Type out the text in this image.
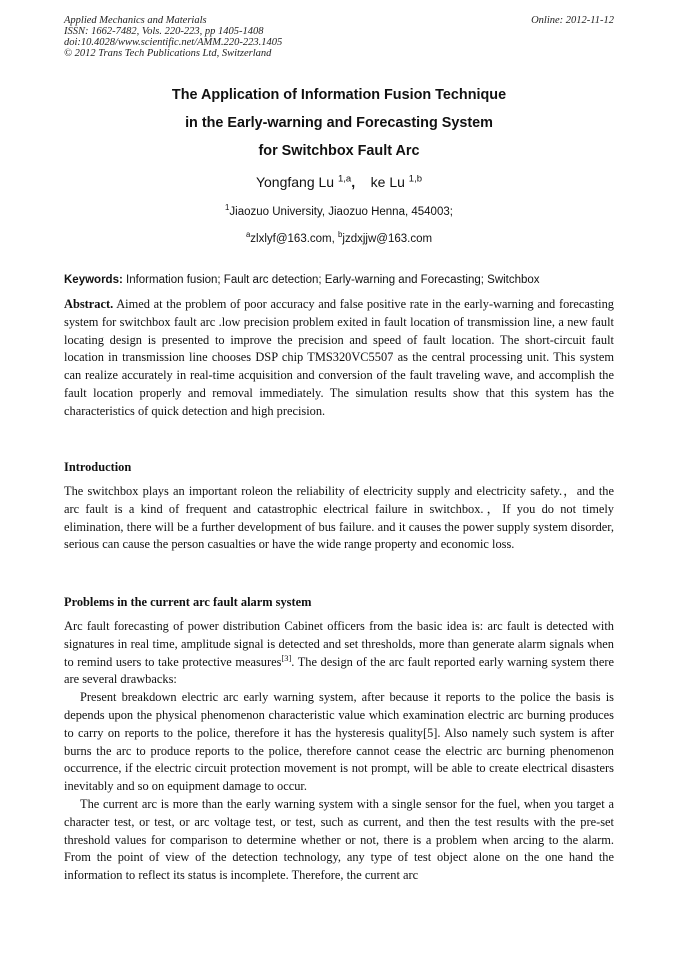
Applied Mechanics and Materials
ISSN: 1662-7482, Vols. 220-223, pp 1405-1408
doi:10.4028/www.scientific.net/AMM.220-223.1405
© 2012 Trans Tech Publications Ltd, Switzerland
Online: 2012-11-12
The Application of Information Fusion Technique
in the Early-warning and Forecasting System
for Switchbox Fault Arc
Yongfang Lu $^{1,a}$, ke Lu $^{1,b}$
$^1$Jiaozuo University, Jiaozuo Henna, 454003;
$^a$zlxlyf@163.com, $^b$jzdxjjw@163.com
Keywords: Information fusion; Fault arc detection; Early-warning and Forecasting; Switchbox
Abstract. Aimed at the problem of poor accuracy and false positive rate in the early-warning and forecasting system for switchbox fault arc .low precision problem exited in fault location of transmission line, a new fault locating design is presented to improve the precision and speed of fault location. The short-circuit fault location in transmission line chooses DSP chip TMS320VC5507 as the central processing unit. This system can realize accurately in real-time acquisition and conversion of the fault traveling wave, and accomplish the fault location properly and removal immediately. The simulation results show that this system has the characteristics of quick detection and high precision.
Introduction
The switchbox plays an important roleon the reliability of electricity supply and electricity safety.，and the arc fault is a kind of frequent and catastrophic electrical failure in switchbox.，If you do not timely elimination, there will be a further development of bus failure. and it causes the power supply system disorder, serious can cause the person casualties or have the wide range property and economic loss.
Problems in the current arc fault alarm system

Arc fault forecasting of power distribution Cabinet officers from the basic idea is: arc fault is detected with signatures in real time, amplitude signal is detected and set thresholds, more than generate alarm signals when to remind users to take protective measures[3]. The design of the arc fault reported early warning system there are several drawbacks:

Present breakdown electric arc early warning system, after because it reports to the police the basis is depends upon the physical phenomenon characteristic value which examination electric arc burning produces to carry on reports to the police, therefore it has the hysteresis quality[5]. Also namely such system is after burns the arc to produce reports to the police, therefore cannot cease the electric arc burning phenomenon occurrence, if the electric circuit protection movement is not prompt, will be able to create electrical disasters inevitably and so on equipment damage to occur.

The current arc is more than the early warning system with a single sensor for the fuel, when you target a character test, or test, or arc voltage test, or test, such as current, and then the test results with the pre-set threshold values for comparison to determine whether or not, there is a problem when arcing to the alarm. From the point of view of the detection technology, any type of test object alone on the one hand the information to reflect its status is incomplete. Therefore, the current arc
